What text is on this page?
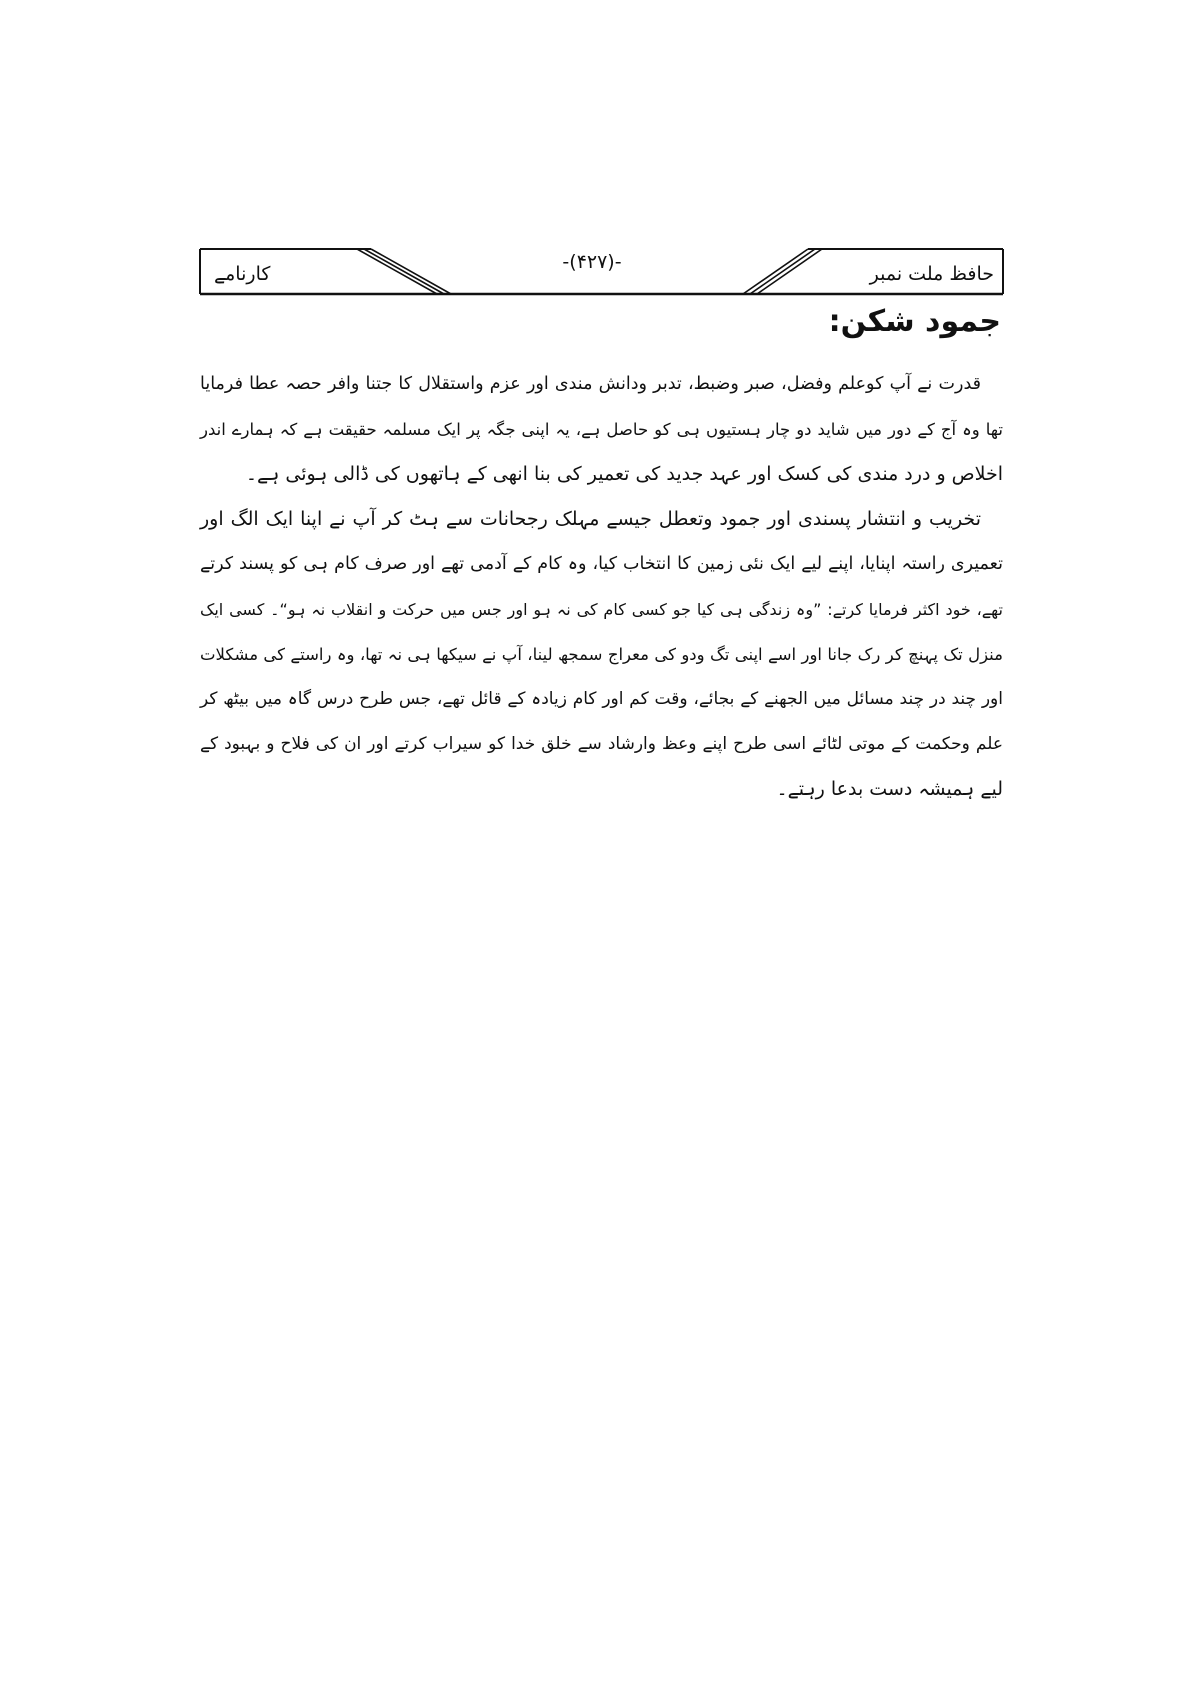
کارنامے
-(۴۲۷)-
حافظ ملت نمبر
جمود شکن:
قدرت نے آپ کوعلم وفضل، صبر وضبط، تدبر ودانش مندی اور عزم واستقلال کا جتنا وافر حصہ عطا فرمایا
تھا وہ آج کے دور میں شاید دو چار ہستیوں ہی کو حاصل ہے، یہ اپنی جگہ پر ایک مسلمہ حقیقت ہے کہ ہمارے اندر
اخلاص و درد مندی کی کسک اور عہد جدید کی تعمیر کی بنا انھی کے ہاتھوں کی ڈالی ہوئی ہے۔
تخریب و انتشار پسندی اور جمود وتعطل جیسے مہلک رجحانات سے ہٹ کر آپ نے اپنا ایک الگ اور
تعمیری راستہ اپنایا، اپنے لیے ایک نئی زمین کا انتخاب کیا، وہ کام کے آدمی تھے اور صرف کام ہی کو پسند کرتے
تھے، خود اکثر فرمایا کرتے: ”وہ زندگی ہی کیا جو کسی کام کی نہ ہو اور جس میں حرکت و انقلاب نہ ہو“۔ کسی ایک
منزل تک پہنچ کر رک جانا اور اسے اپنی تگ ودو کی معراج سمجھ لینا، آپ نے سیکھا ہی نہ تھا، وہ راستے کی مشکلات
اور چند در چند مسائل میں الجھنے کے بجائے، وقت کم اور کام زیادہ کے قائل تھے، جس طرح درس گاہ میں بیٹھ کر
علم وحکمت کے موتی لٹائے اسی طرح اپنے وعظ وارشاد سے خلق خدا کو سیراب کرتے اور ان کی فلاح و بہبود کے
لیے ہمیشہ دست بدعا رہتے۔
